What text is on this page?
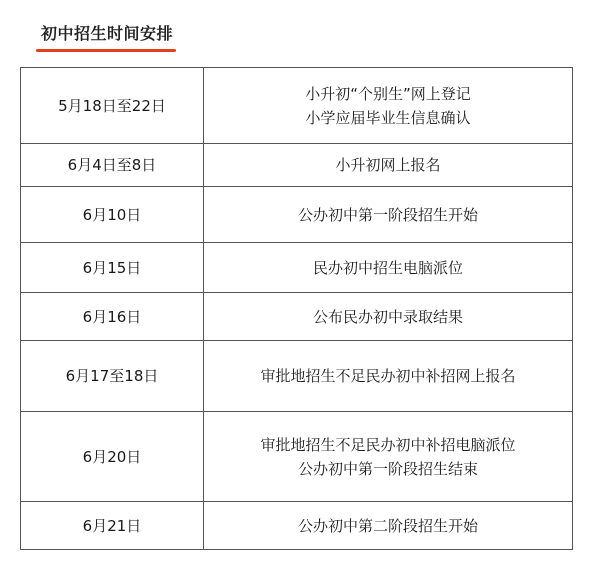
初中招生时间安排
5月18日至22日	小升初“个别生”网上登记
小学应届毕业生信息确认

6月4日至8日	小升初网上报名

6月10日	公办初中第一阶段招生开始

6月15日	民办初中招生电脑派位

6月16日	公布民办初中录取结果

6月17至18日	审批地招生不足民办初中补招网上报名

6月20日	审批地招生不足民办初中补招电脑派位
公办初中第一阶段招生结束

6月21日	公办初中第二阶段招生开始
